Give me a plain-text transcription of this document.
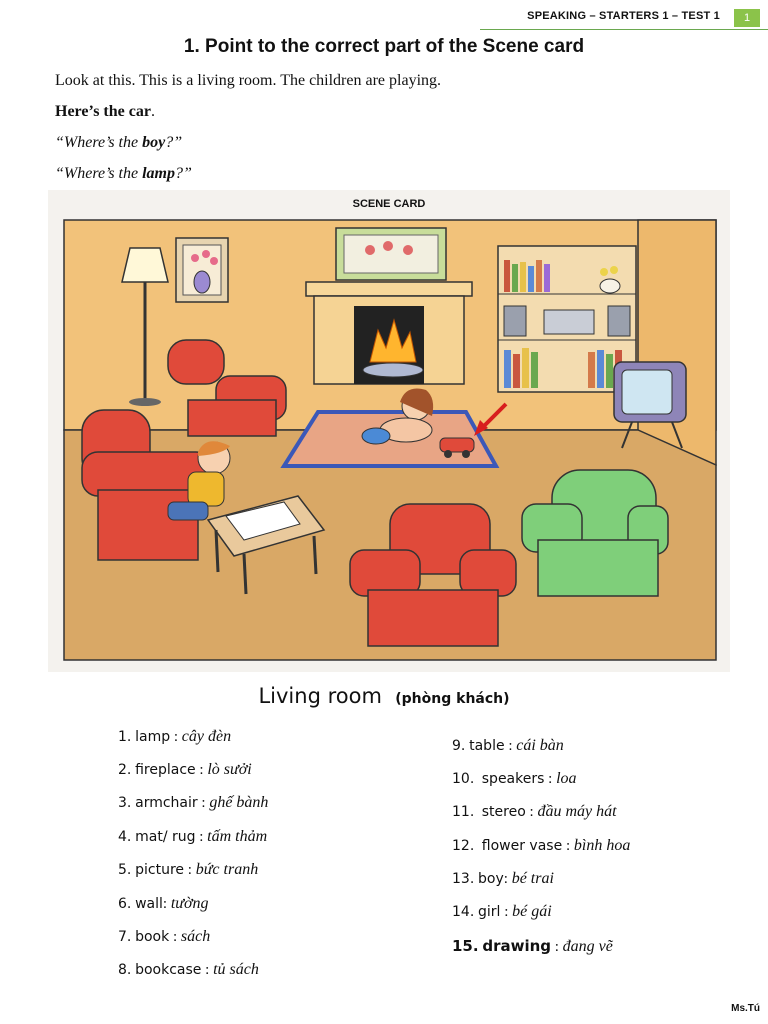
SPEAKING – STARTERS 1 – TEST 1	1
1. Point to the correct part of the Scene card
Look at this. This is a living room. The children are playing.
Here’s the car.
“Where’s the boy?”
“Where’s the lamp?”
SCENE CARD
Living room (phòng khách)
1. lamp : cây đèn
2. fireplace : lò sưởi
3. armchair : ghế bành
4. mat/ rug : tấm thảm
5. picture : bức tranh
6. wall: tường
7. book : sách
8. bookcase : tủ sách
9. table : cái bàn
10. speakers : loa
11. stereo : đầu máy hát
12. flower vase : bình hoa
13. boy: bé trai
14. girl : bé gái
15. drawing : đang vẽ
Ms.Tú
